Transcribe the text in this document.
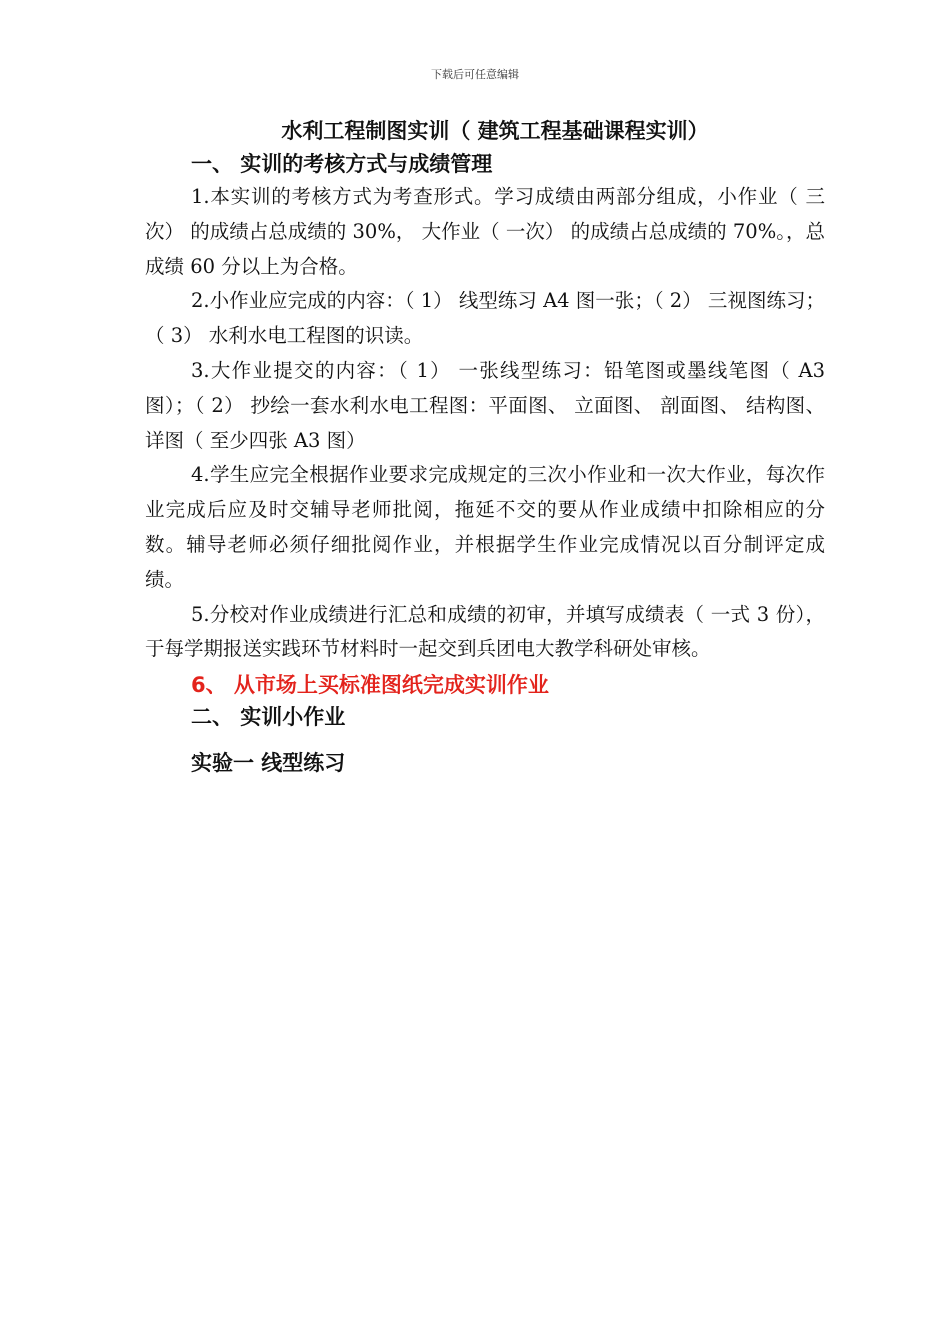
下载后可任意编辑
水利工程制图实训（ 建筑工程基础课程实训）
一、 实训的考核方式与成绩管理

1.本实训的考核方式为考查形式。学习成绩由两部分组成，小作业（ 三次） 的成绩占总成绩的 30%， 大作业（ 一次） 的成绩占总成绩的 70%。，总成绩 60 分以上为合格。

2.小作业应完成的内容：（ 1） 线型练习 A4 图一张；（ 2） 三视图练习；（ 3） 水利水电工程图的识读。

3.大作业提交的内容：（ 1） 一张线型练习：铅笔图或墨线笔图（ A3 图）；（ 2） 抄绘一套水利水电工程图：平面图、 立面图、 剖面图、 结构图、 详图（ 至少四张 A3 图）

4.学生应完全根据作业要求完成规定的三次小作业和一次大作业，每次作业完成后应及时交辅导老师批阅，拖延不交的要从作业成绩中扣除相应的分数。辅导老师必须仔细批阅作业，并根据学生作业完成情况以百分制评定成绩。

5.分校对作业成绩进行汇总和成绩的初审，并填写成绩表（ 一式 3 份），于每学期报送实践环节材料时一起交到兵团电大教学科研处审核。

6、 从市场上买标准图纸完成实训作业
二、 实训小作业
实验一 线型练习
